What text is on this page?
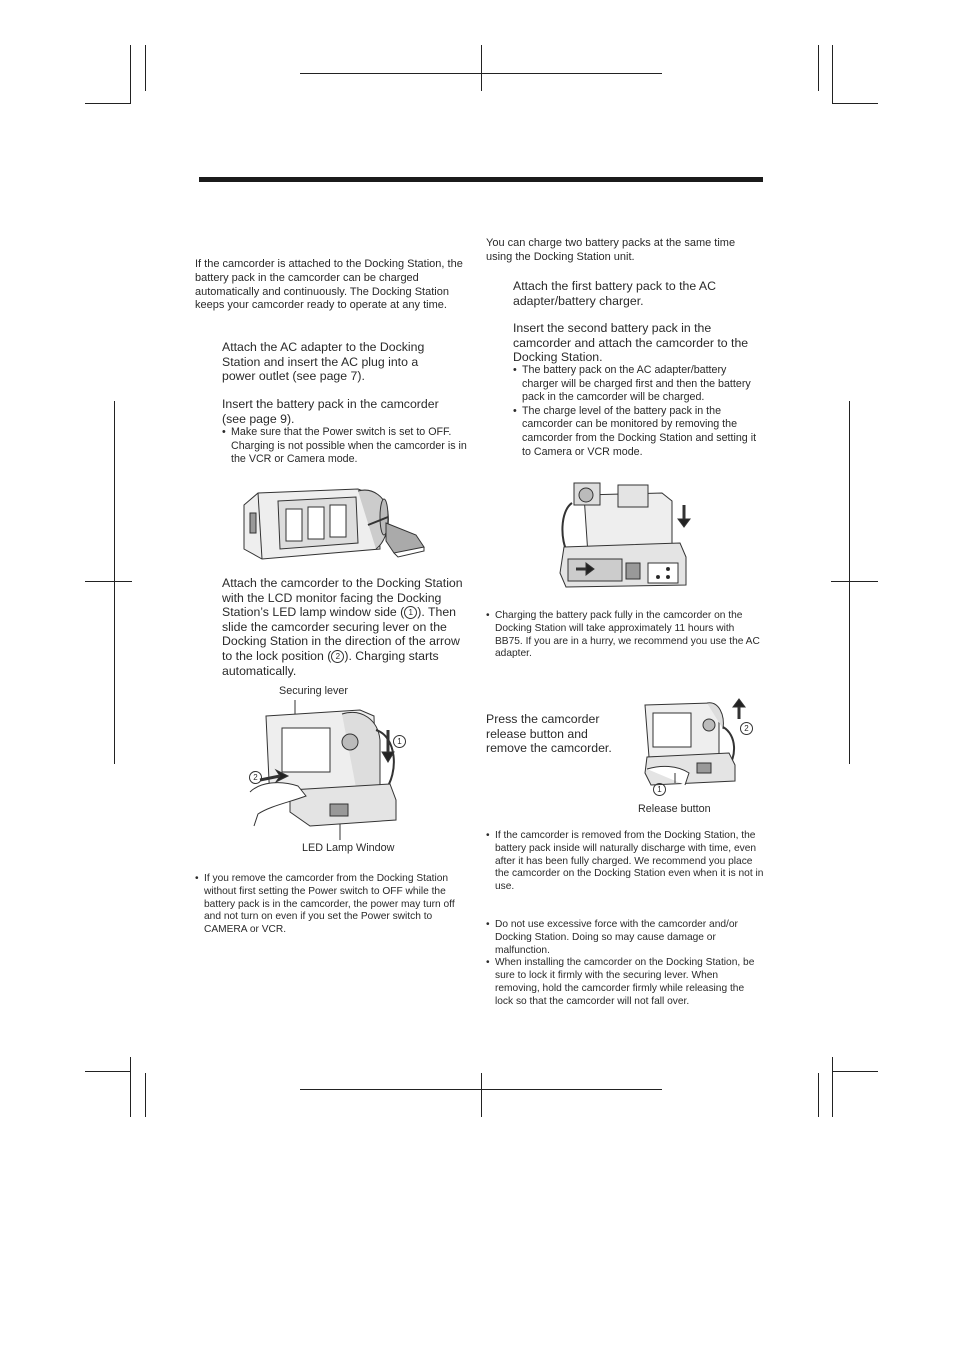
If the camcorder is attached to the Docking Station, the battery pack in the camcorder can be charged automatically and continuously. The Docking Station keeps your camcorder ready to operate at any time.
Attach the AC adapter to the Docking Station and insert the AC plug into a power outlet (see page 7).
Insert the battery pack in the camcorder (see page 9).
• Make sure that the Power switch is set to OFF. Charging is not possible when the camcorder is in the VCR or Camera mode.
Attach the camcorder to the Docking Station with the LCD monitor facing the Docking Station’s LED lamp window side ( 1 ). Then slide the camcorder securing lever on the Docking Station in the direction of the arrow to the lock position ( 2 ). Charging starts automatically.
Securing lever
1
2
LED Lamp Window
• If you remove the camcorder from the Docking Station without first setting the Power switch to OFF while the battery pack is in the camcorder, the power may turn off and not turn on even if you set the Power switch to CAMERA or VCR.
You can charge two battery packs at the same time using the Docking Station unit.
Attach the first battery pack to the AC adapter/battery charger.
Insert the second battery pack in the camcorder and attach the camcorder to the Docking Station.
• The battery pack on the AC adapter/battery charger will be charged first and then the battery pack in the camcorder will be charged.
• The charge level of the battery pack in the camcorder can be monitored by removing the camcorder from the Docking Station and setting it to Camera or VCR mode.
• Charging the battery pack fully in the camcorder on the Docking Station will take approximately 11 hours with BB75. If you are in a hurry, we recommend you use the AC adapter.
Press the camcorder release button and remove the camcorder.
2
1
Release button
• If the camcorder is removed from the Docking Station, the battery pack inside will naturally discharge with time, even after it has been fully charged. We recommend you place the camcorder on the Docking Station even when it is not in use.
• Do not use excessive force with the camcorder and/or Docking Station. Doing so may cause damage or malfunction.
• When installing the camcorder on the Docking Station, be sure to lock it firmly with the securing lever. When removing, hold the camcorder firmly while releasing the lock so that the camcorder will not fall over.
